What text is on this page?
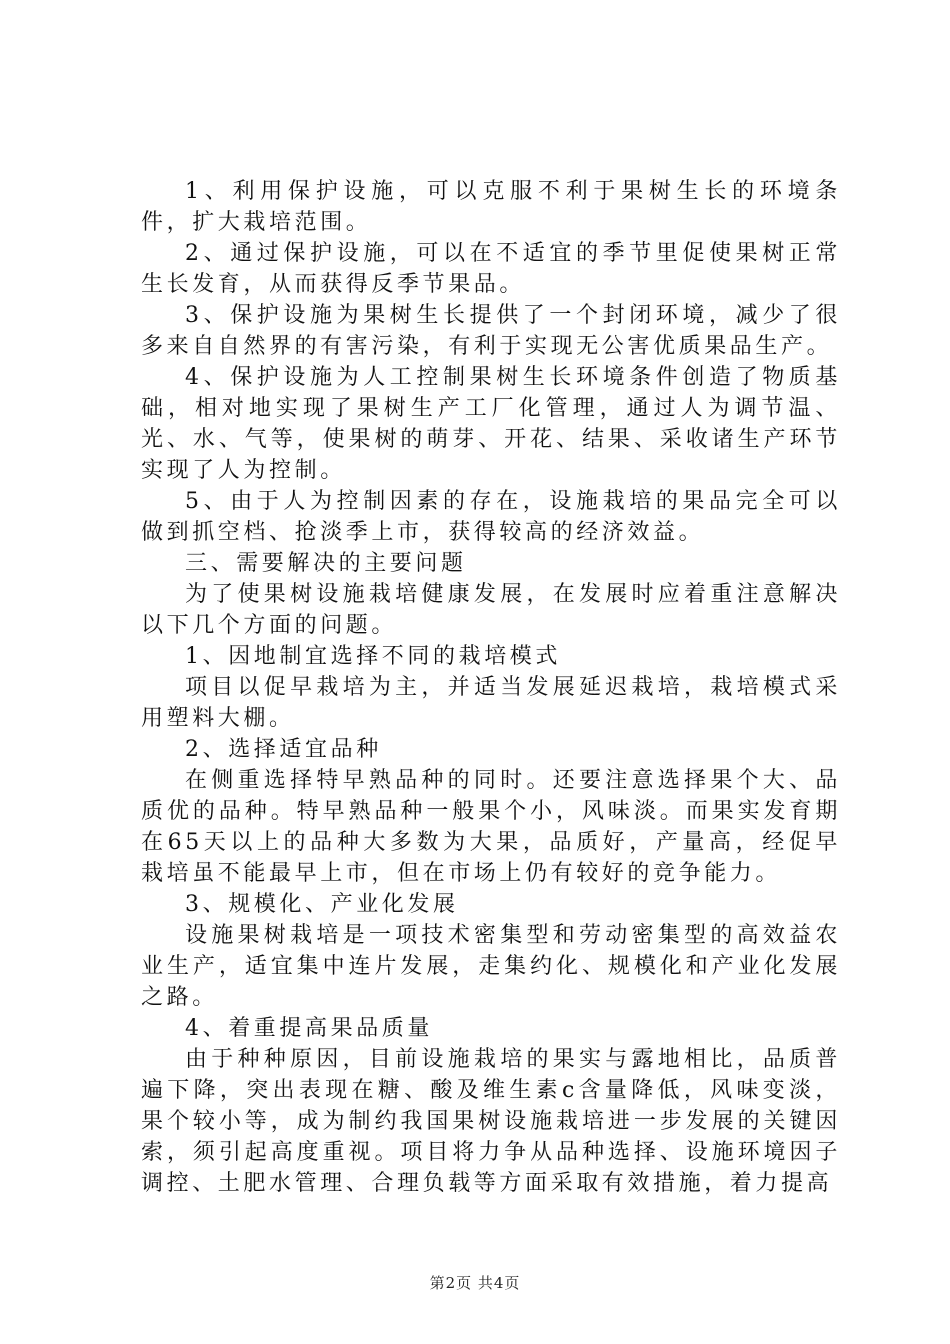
1、利用保护设施，可以克服不利于果树生长的环境条件，扩大栽培范围。

2、通过保护设施，可以在不适宜的季节里促使果树正常生长发育，从而获得反季节果品。

3、保护设施为果树生长提供了一个封闭环境，减少了很多来自自然界的有害污染，有利于实现无公害优质果品生产。

4、保护设施为人工控制果树生长环境条件创造了物质基础，相对地实现了果树生产工厂化管理，通过人为调节温、光、水、气等，使果树的萌芽、开花、结果、采收诸生产环节实现了人为控制。

5、由于人为控制因素的存在，设施栽培的果品完全可以做到抓空档、抢淡季上市，获得较高的经济效益。

三、需要解决的主要问题

为了使果树设施栽培健康发展，在发展时应着重注意解决以下几个方面的问题。

1、因地制宜选择不同的栽培模式

项目以促早栽培为主，并适当发展延迟栽培，栽培模式采用塑料大棚。

2、选择适宜品种

在侧重选择特早熟品种的同时。还要注意选择果个大、品质优的品种。特早熟品种一般果个小，风味淡。而果实发育期在65天以上的品种大多数为大果，品质好，产量高，经促早栽培虽不能最早上市，但在市场上仍有较好的竞争能力。

3、规模化、产业化发展

设施果树栽培是一项技术密集型和劳动密集型的高效益农业生产，适宜集中连片发展，走集约化、规模化和产业化发展之路。

4、着重提高果品质量

由于种种原因，目前设施栽培的果实与露地相比，品质普遍下降，突出表现在糖、酸及维生素c含量降低，风味变淡，果个较小等，成为制约我国果树设施栽培进一步发展的关键因索，须引起高度重视。项目将力争从品种选择、设施环境因子调控、土肥水管理、合理负载等方面采取有效措施，着力提高

第2页 共4页
